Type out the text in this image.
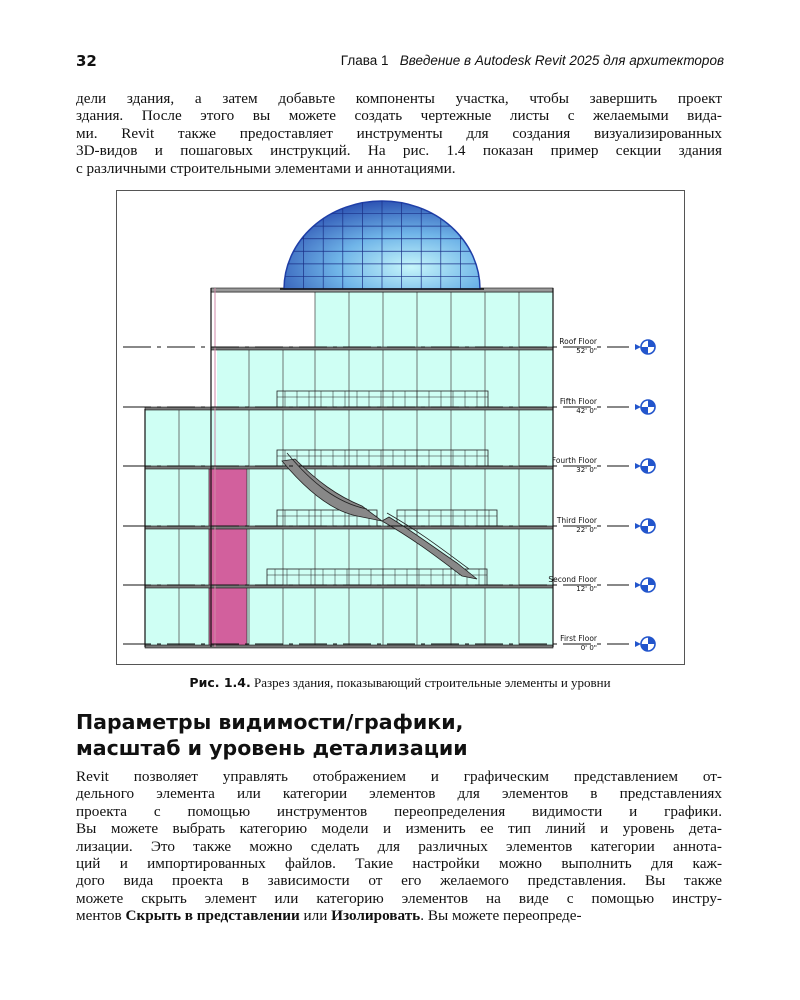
32	Глава 1 Введение в Autodesk Revit 2025 для архитекторов
дели здания, а затем добавьте компоненты участка, чтобы завершить проект
здания. После этого вы можете создать чертежные листы с желаемыми вида-
ми. Revit также предоставляет инструменты для создания визуализированных
3D-видов и пошаговых инструкций. На рис. 1.4 показан пример секции здания
с различными строительными элементами и аннотациями.
Roof Floor
52' 0"
Fifth Floor
42' 0"
Fourth Floor
32' 0"
Third Floor
22' 0"
Second Floor
12' 0"
First Floor
0' 0"
Рис. 1.4. Разрез здания, показывающий строительные элементы и уровни
Параметры видимости/графики,
масштаб и уровень детализации
Revit позволяет управлять отображением и графическим представлением от-
дельного элемента или категории элементов для элементов в представлениях
проекта с помощью инструментов переопределения видимости и графики.
Вы можете выбрать категорию модели и изменить ее тип линий и уровень дета-
лизации. Это также можно сделать для различных элементов категории аннота-
ций и импортированных файлов. Такие настройки можно выполнить для каж-
дого вида проекта в зависимости от его желаемого представления. Вы также
можете скрыть элемент или категорию элементов на виде с помощью инстру-
ментов Скрыть в представлении или Изолировать. Вы можете переопреде-
